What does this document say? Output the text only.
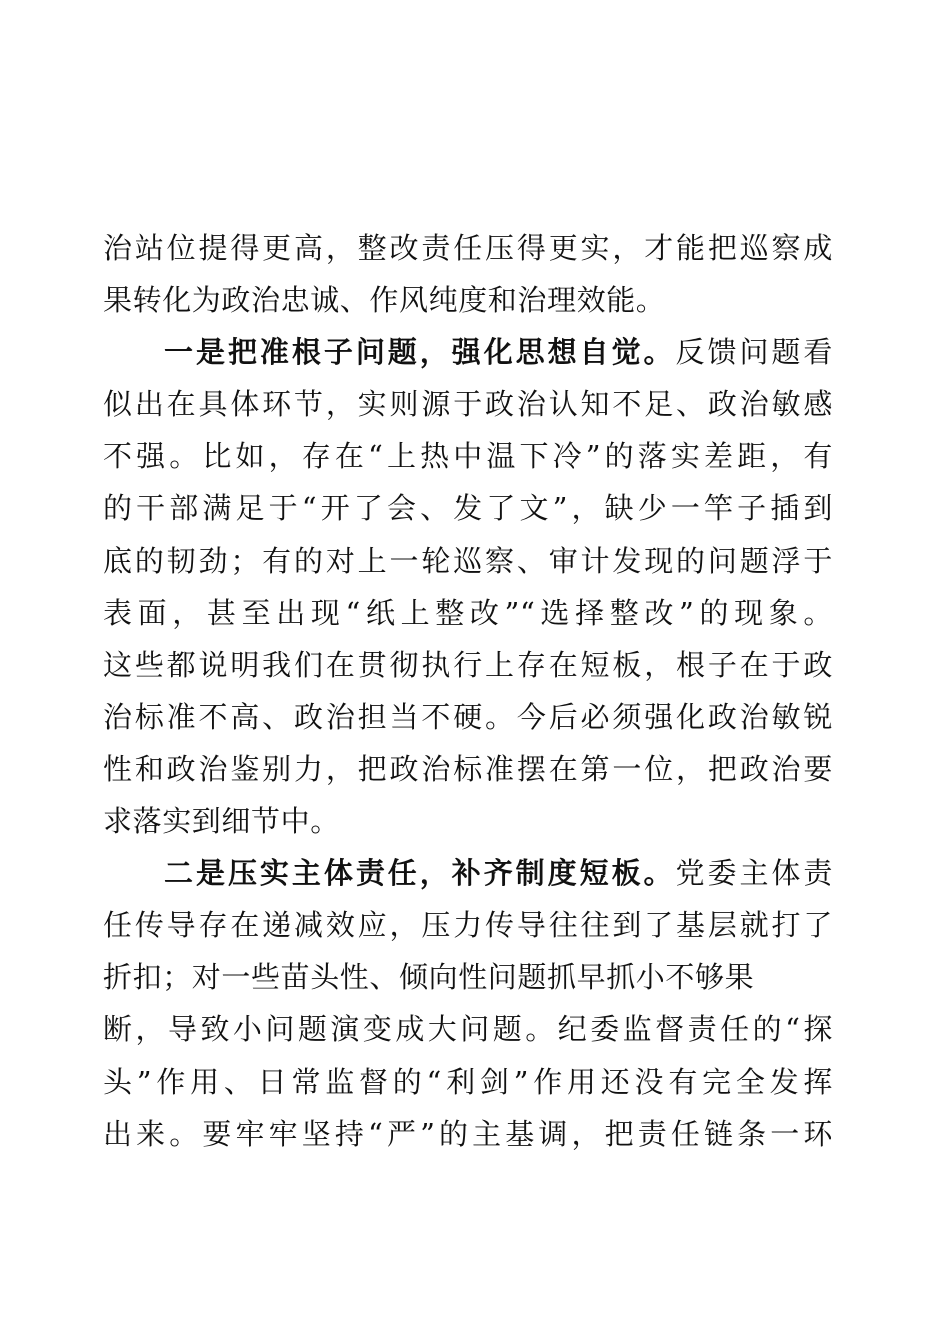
治站位提得更高，整改责任压得更实，才能把巡察成
果转化为政治忠诚、作风纯度和治理效能。
一是把准根子问题，强化思想自觉。反馈问题看
似出在具体环节，实则源于政治认知不足、政治敏感
不强。比如，存在“上热中温下冷”的落实差距，有
的干部满足于“开了会、发了文”，缺少一竿子插到
底的韧劲；有的对上一轮巡察、审计发现的问题浮于
表面，甚至出现“纸上整改”“选择整改”的现象。
这些都说明我们在贯彻执行上存在短板，根子在于政
治标准不高、政治担当不硬。今后必须强化政治敏锐
性和政治鉴别力，把政治标准摆在第一位，把政治要
求落实到细节中。
二是压实主体责任，补齐制度短板。党委主体责
任传导存在递减效应，压力传导往往到了基层就打了
折扣；对一些苗头性、倾向性问题抓早抓小不够果
断，导致小问题演变成大问题。纪委监督责任的“探
头”作用、日常监督的“利剑”作用还没有完全发挥
出来。要牢牢坚持“严”的主基调，把责任链条一环
